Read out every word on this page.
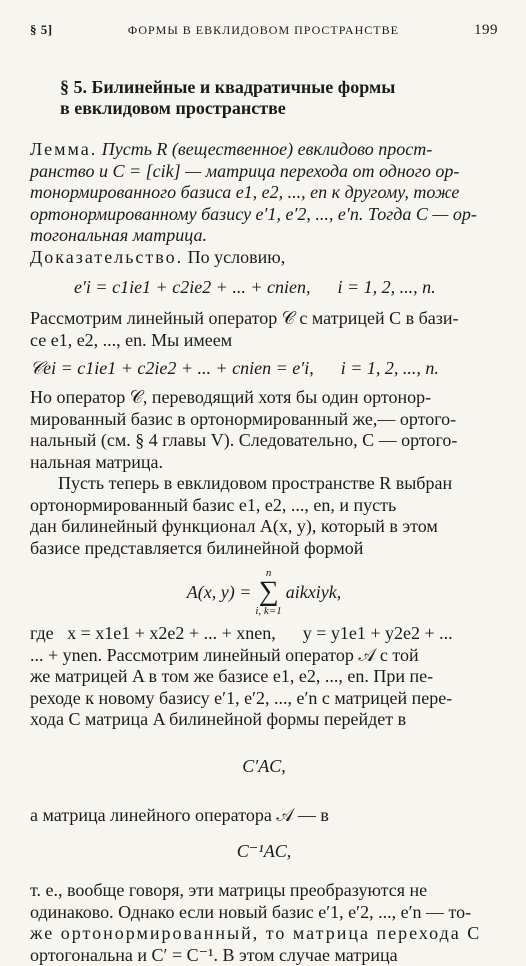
§ 5]	ФОРМЫ В ЕВКЛИДОВОМ ПРОСТРАНСТВЕ	199
§ 5. Билинейные и квадратичные формы
в евклидовом пространстве
Лемма. Пусть R (вещественное) евклидово прост-
ранство и C = [cik] — матрица перехода от одного ор-
тонормированного базиса e1, e2, ..., en к другому, тоже
ортонормированному базису e′1, e′2, ..., e′n. Тогда C — ор-
тогональная матрица.
Доказательство. По условию,
e′i = c1ie1 + c2ie2 + ... + cnien,      i = 1, 2, ..., n.
Рассмотрим линейный оператор 𝒞 с матрицей C в бази-
се e1, e2, ..., en. Мы имеем
𝒞ei = c1ie1 + c2ie2 + ... + cnien = e′i,      i = 1, 2, ..., n.
Но оператор 𝒞, переводящий хотя бы один ортонор-
мированный базис в ортонормированный же,— ортого-
нальный (см. § 4 главы V). Следовательно, C — ортого-
нальная матрица.
Пусть теперь в евклидовом пространстве R выбран
ортонормированный базис e1, e2, ..., en, и пусть
дан билинейный функционал A(x, y), который в этом
базисе представляется билинейной формой
A(x, y) =
n
∑
i, k=1
aikxiyk,
где   x = x1e1 + x2e2 + ... + xnen,      y = y1e1 + y2e2 + ...
... + ynen. Рассмотрим линейный оператор 𝒜 с той
же матрицей A в том же базисе e1, e2, ..., en. При пе-
реходе к новому базису e′1, e′2, ..., e′n с матрицей пере-
хода C матрица A билинейной формы перейдет в
C′AC,
а матрица линейного оператора 𝒜 — в
C⁻¹AC,
т. е., вообще говоря, эти матрицы преобразуются не
одинаково. Однако если новый базис e′1, e′2, ..., e′n — то-
же ортонормированный, то матрица перехода C
ортогональна и C′ = C⁻¹. В этом случае матрица
